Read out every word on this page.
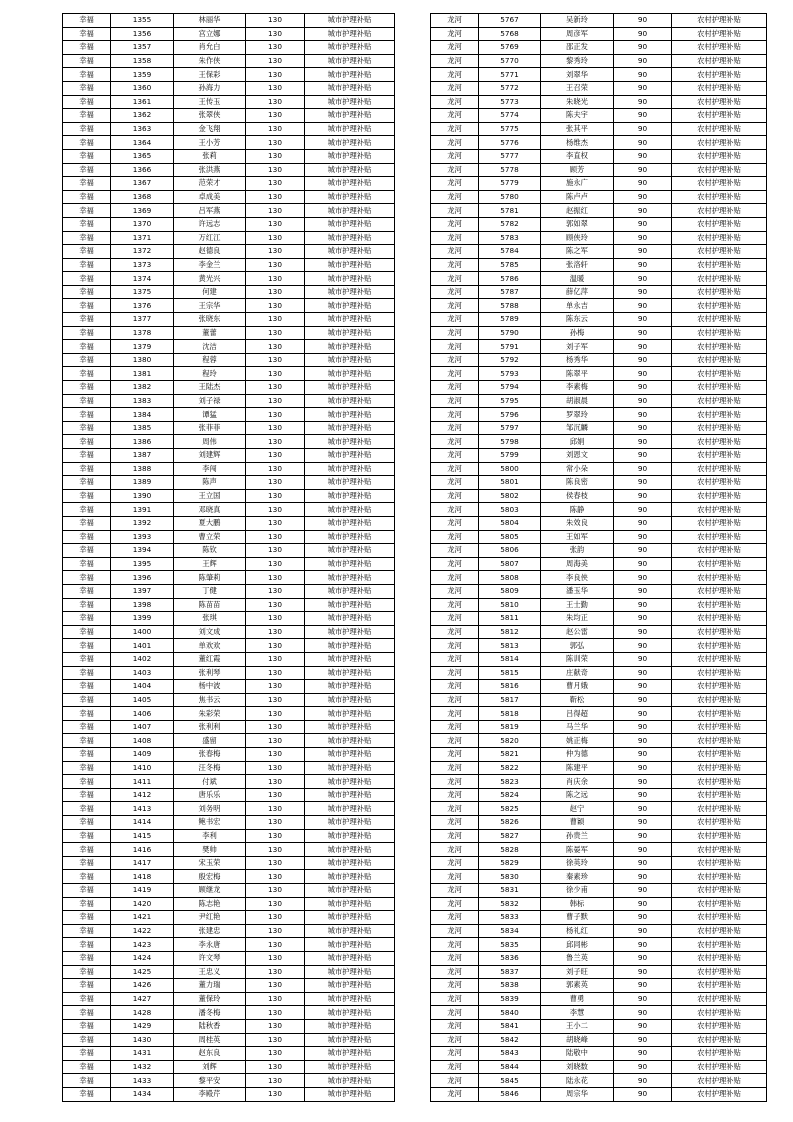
幸福	1355	林丽华	130	城市护理补贴
幸福	1356	宫立娜	130	城市护理补贴
幸福	1357	肖允白	130	城市护理补贴
幸福	1358	朱作侠	130	城市护理补贴
幸福	1359	王保彩	130	城市护理补贴
幸福	1360	孙海力	130	城市护理补贴
幸福	1361	王传玉	130	城市护理补贴
幸福	1362	张翠侠	130	城市护理补贴
幸福	1363	金飞翔	130	城市护理补贴
幸福	1364	王小芳	130	城市护理补贴
幸福	1365	张莉	130	城市护理补贴
幸福	1366	张洪燕	130	城市护理补贴
幸福	1367	范荣才	130	城市护理补贴
幸福	1368	卓成美	130	城市护理补贴
幸福	1369	吕军燕	130	城市护理补贴
幸福	1370	许远志	130	城市护理补贴
幸福	1371	万红江	130	城市护理补贴
幸福	1372	赵德良	130	城市护理补贴
幸福	1373	李金兰	130	城市护理补贴
幸福	1374	黄光兴	130	城市护理补贴
幸福	1375	何建	130	城市护理补贴
幸福	1376	王宗华	130	城市护理补贴
幸福	1377	张晓东	130	城市护理补贴
幸福	1378	董蕾	130	城市护理补贴
幸福	1379	沈洁	130	城市护理补贴
幸福	1380	程蓉	130	城市护理补贴
幸福	1381	程玲	130	城市护理补贴
幸福	1382	王陆杰	130	城市护理补贴
幸福	1383	刘子禄	130	城市护理补贴
幸福	1384	谭猛	130	城市护理补贴
幸福	1385	张菲菲	130	城市护理补贴
幸福	1386	周伟	130	城市护理补贴
幸福	1387	刘建辉	130	城市护理补贴
幸福	1388	李闯	130	城市护理补贴
幸福	1389	陈声	130	城市护理补贴
幸福	1390	王立国	130	城市护理补贴
幸福	1391	邓晓真	130	城市护理补贴
幸福	1392	夏大鹏	130	城市护理补贴
幸福	1393	曹立荣	130	城市护理补贴
幸福	1394	陈钦	130	城市护理补贴
幸福	1395	王辉	130	城市护理补贴
幸福	1396	陈肇莉	130	城市护理补贴
幸福	1397	丁健	130	城市护理补贴
幸福	1398	陈苗苗	130	城市护理补贴
幸福	1399	张琪	130	城市护理补贴
幸福	1400	刘文成	130	城市护理补贴
幸福	1401	单欢欢	130	城市护理补贴
幸福	1402	董红霞	130	城市护理补贴
幸福	1403	张利琴	130	城市护理补贴
幸福	1404	杨中波	130	城市护理补贴
幸福	1405	焦书云	130	城市护理补贴
幸福	1406	朱彩荣	130	城市护理补贴
幸福	1407	张利利	130	城市护理补贴
幸福	1408	盛留	130	城市护理补贴
幸福	1409	张春梅	130	城市护理补贴
幸福	1410	汪冬梅	130	城市护理补贴
幸福	1411	付斌	130	城市护理补贴
幸福	1412	唐乐乐	130	城市护理补贴
幸福	1413	刘务明	130	城市护理补贴
幸福	1414	鲍书宏	130	城市护理补贴
幸福	1415	李利	130	城市护理补贴
幸福	1416	樊帅	130	城市护理补贴
幸福	1417	宋玉荣	130	城市护理补贴
幸福	1418	殷宏梅	130	城市护理补贴
幸福	1419	顾继龙	130	城市护理补贴
幸福	1420	陈志艳	130	城市护理补贴
幸福	1421	尹红艳	130	城市护理补贴
幸福	1422	张建忠	130	城市护理补贴
幸福	1423	李永唐	130	城市护理补贴
幸福	1424	许文琴	130	城市护理补贴
幸福	1425	王忠义	130	城市护理补贴
幸福	1426	董力瑞	130	城市护理补贴
幸福	1427	董保玲	130	城市护理补贴
幸福	1428	潘冬梅	130	城市护理补贴
幸福	1429	陆秋香	130	城市护理补贴
幸福	1430	周桂英	130	城市护理补贴
幸福	1431	赵东良	130	城市护理补贴
幸福	1432	刘辉	130	城市护理补贴
幸福	1433	黎平安	130	城市护理补贴
幸福	1434	李殿芹	130	城市护理补贴
龙河	5767	吴新玲	90	农村护理补贴
龙河	5768	周彦军	90	农村护理补贴
龙河	5769	邵正发	90	农村护理补贴
龙河	5770	黎秀玲	90	农村护理补贴
龙河	5771	刘翠华	90	农村护理补贴
龙河	5772	王召荣	90	农村护理补贴
龙河	5773	朱晓光	90	农村护理补贴
龙河	5774	陈夫宇	90	农村护理补贴
龙河	5775	张其平	90	农村护理补贴
龙河	5776	杨维杰	90	农村护理补贴
龙河	5777	李直权	90	农村护理补贴
龙河	5778	顾芳	90	农村护理补贴
龙河	5779	施永广	90	农村护理补贴
龙河	5780	陈卢卢	90	农村护理补贴
龙河	5781	赵振红	90	农村护理补贴
龙河	5782	郭如翠	90	农村护理补贴
龙河	5783	顾侠玲	90	农村护理补贴
龙河	5784	陈之军	90	农村护理补贴
龙河	5785	张洛轩	90	农村护理补贴
龙河	5786	温暖	90	农村护理补贴
龙河	5787	薛亿萍	90	农村护理补贴
龙河	5788	单永吉	90	农村护理补贴
龙河	5789	陈东云	90	农村护理补贴
龙河	5790	孙梅	90	农村护理补贴
龙河	5791	刘子军	90	农村护理补贴
龙河	5792	杨秀华	90	农村护理补贴
龙河	5793	陈翠平	90	农村护理补贴
龙河	5794	李素梅	90	农村护理补贴
龙河	5795	胡淑晨	90	农村护理补贴
龙河	5796	罗翠玲	90	农村护理补贴
龙河	5797	邹沉麟	90	农村护理补贴
龙河	5798	邱娟	90	农村护理补贴
龙河	5799	刘恩文	90	农村护理补贴
龙河	5800	常小朵	90	农村护理补贴
龙河	5801	陈良密	90	农村护理补贴
龙河	5802	侯春枝	90	农村护理补贴
龙河	5803	陈静	90	农村护理补贴
龙河	5804	朱效良	90	农村护理补贴
龙河	5805	王如军	90	农村护理补贴
龙河	5806	张韵	90	农村护理补贴
龙河	5807	周海美	90	农村护理补贴
龙河	5808	李良侠	90	农村护理补贴
龙河	5809	潘玉华	90	农村护理补贴
龙河	5810	王士勤	90	农村护理补贴
龙河	5811	朱均正	90	农村护理补贴
龙河	5812	赵公雷	90	农村护理补贴
龙河	5813	郭弘	90	农村护理补贴
龙河	5814	陈训荣	90	农村护理补贴
龙河	5815	庄献奇	90	农村护理补贴
龙河	5816	曹月娥	90	农村护理补贴
龙河	5817	靳松	90	农村护理补贴
龙河	5818	吕得超	90	农村护理补贴
龙河	5819	马兰华	90	农村护理补贴
龙河	5820	姚正梅	90	农村护理补贴
龙河	5821	仲为德	90	农村护理补贴
龙河	5822	陈建平	90	农村护理补贴
龙河	5823	肖庆余	90	农村护理补贴
龙河	5824	陈之远	90	农村护理补贴
龙河	5825	赵宁	90	农村护理补贴
龙河	5826	曹颖	90	农村护理补贴
龙河	5827	孙贵兰	90	农村护理补贴
龙河	5828	陈晏军	90	农村护理补贴
龙河	5829	徐英玲	90	农村护理补贴
龙河	5830	秦素珍	90	农村护理补贴
龙河	5831	徐少甫	90	农村护理补贴
龙河	5832	韩标	90	农村护理补贴
龙河	5833	曹子默	90	农村护理补贴
龙河	5834	杨礼红	90	农村护理补贴
龙河	5835	邱同彬	90	农村护理补贴
龙河	5836	鲁兰英	90	农村护理补贴
龙河	5837	刘子旺	90	农村护理补贴
龙河	5838	郭素英	90	农村护理补贴
龙河	5839	曹勇	90	农村护理补贴
龙河	5840	李慧	90	农村护理补贴
龙河	5841	王小二	90	农村护理补贴
龙河	5842	胡晓峰	90	农村护理补贴
龙河	5843	陆敬中	90	农村护理补贴
龙河	5844	刘晓数	90	农村护理补贴
龙河	5845	陆永花	90	农村护理补贴
龙河	5846	周宗华	90	农村护理补贴
